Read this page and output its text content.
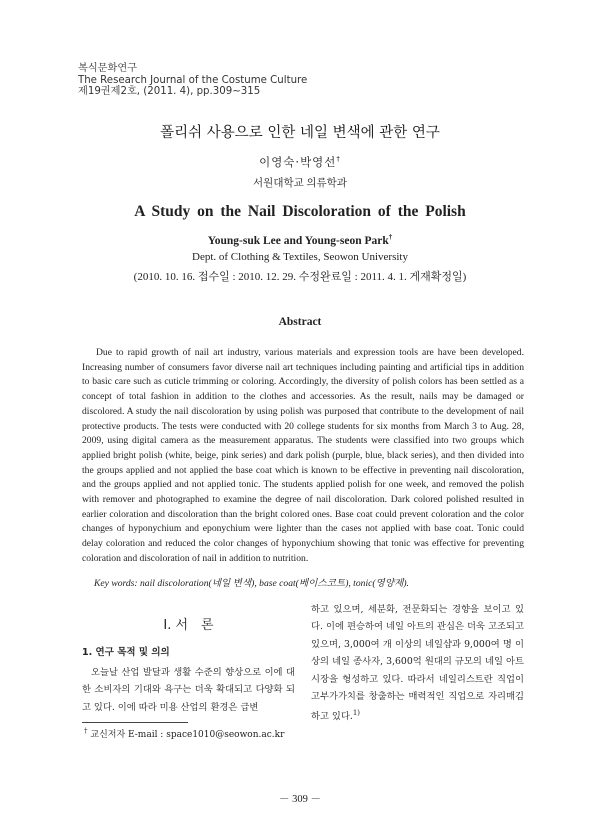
복식문화연구
The Research Journal of the Costume Culture
제19권제2호, (2011. 4), pp.309∼315
폴리쉬 사용으로 인한 네일 변색에 관한 연구
이영숙·박영선†
서원대학교 의류학과
A Study on the Nail Discoloration of the Polish
Young-suk Lee and Young-seon Park†
Dept. of Clothing & Textiles, Seowon University
(2010. 10. 16. 접수일 : 2010. 12. 29. 수정완료일 : 2011. 4. 1. 게재확정일)
Abstract

Due to rapid growth of nail art industry, various materials and expression tools are have been developed. Increasing number of consumers favor diverse nail art techniques including painting and artificial tips in addition to basic care such as cuticle trimming or coloring. Accordingly, the diversity of polish colors has been settled as a concept of total fashion in addition to the clothes and accessories. As the result, nails may be damaged or discolored. A study the nail discoloration by using polish was purposed that contribute to the development of nail protective products. The tests were conducted with 20 college students for six months from March 3 to Aug. 28, 2009, using digital camera as the measurement apparatus. The students were classified into two groups which applied bright polish (white, beige, pink series) and dark polish (purple, blue, black series), and then divided into the groups applied and not applied the base coat which is known to be effective in preventing nail discoloration, and the groups applied and not applied tonic. The students applied polish for one week, and removed the polish with remover and photographed to examine the degree of nail discoloration. Dark colored polished resulted in earlier coloration and discoloration than the bright colored ones. Base coat could prevent coloration and the color changes of hyponychium and eponychium were lighter than the cases not applied with base coat. Tonic could delay coloration and reduced the color changes of hyponychium showing that tonic was effective for preventing coloration and discoloration of nail in addition to nutrition.

Key words: nail discoloration(네일 변색), base coat(베이스코트), tonic(영양제).
Ⅰ. 서　론
1. 연구 목적 및 의의

오늘날 산업 발달과 생활 수준의 향상으로 이에 대한 소비자의 기대와 욕구는 더욱 확대되고 다양화 되고 있다. 이에 따라 미용 산업의 환경은 급변

하고 있으며, 세분화, 전문화되는 경향을 보이고 있다. 이에 편승하여 네일 아트의 관심은 더욱 고조되고 있으며, 3,000여 개 이상의 네일샵과 9,000여 명 이상의 네일 종사자, 3,600억 원대의 규모의 네일 아트 시장을 형성하고 있다. 따라서 네일리스트란 직업이 고부가가치를 창출하는 매력적인 직업으로 자리매김하고 있다.$^{1)}$

† 교신저자 E-mail : space1010@seowon.ac.kr
－ 309 －
